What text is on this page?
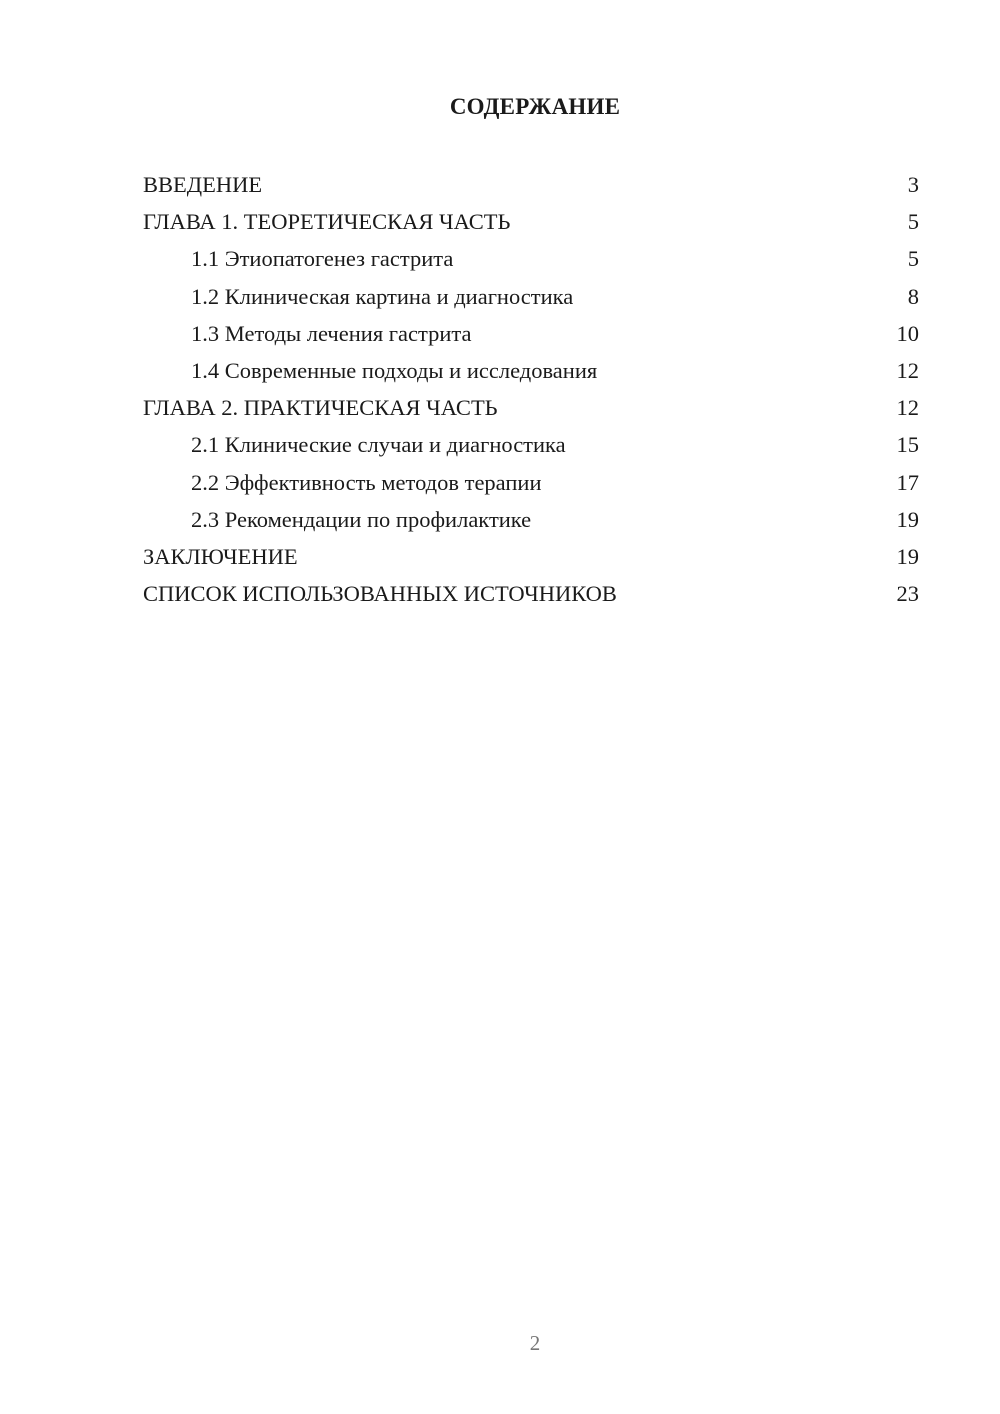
СОДЕРЖАНИЕ
ВВЕДЕНИЕ	3
ГЛАВА 1. ТЕОРЕТИЧЕСКАЯ ЧАСТЬ	5
1.1 Этиопатогенез гастрита	5
1.2 Клиническая картина и диагностика	8
1.3 Методы лечения гастрита	10
1.4 Современные подходы и исследования	12
ГЛАВА 2. ПРАКТИЧЕСКАЯ ЧАСТЬ	12
2.1 Клинические случаи и диагностика	15
2.2 Эффективность методов терапии	17
2.3 Рекомендации по профилактике	19
ЗАКЛЮЧЕНИЕ	19
СПИСОК ИСПОЛЬЗОВАННЫХ ИСТОЧНИКОВ	23
2
